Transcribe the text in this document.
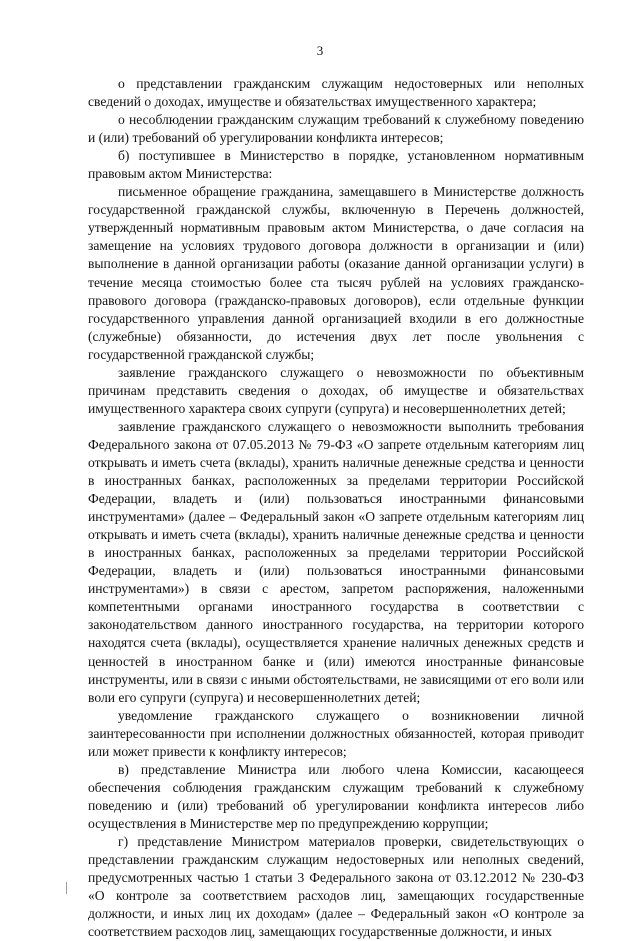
3

о представлении гражданским служащим недостоверных или неполных сведений о доходах, имуществе и обязательствах имущественного характера;

о несоблюдении гражданским служащим требований к служебному поведению и (или) требований об урегулировании конфликта интересов;

б) поступившее в Министерство в порядке, установленном нормативным правовым актом Министерства:

письменное обращение гражданина, замещавшего в Министерстве должность государственной гражданской службы, включенную в Перечень должностей, утвержденный нормативным правовым актом Министерства, о даче согласия на замещение на условиях трудового договора должности в организации и (или) выполнение в данной организации работы (оказание данной организации услуги) в течение месяца стоимостью более ста тысяч рублей на условиях гражданско-правового договора (гражданско-правовых договоров), если отдельные функции государственного управления данной организацией входили в его должностные (служебные) обязанности, до истечения двух лет после увольнения с государственной гражданской службы;

заявление гражданского служащего о невозможности по объективным причинам представить сведения о доходах, об имуществе и обязательствах имущественного характера своих супруги (супруга) и несовершеннолетних детей;

заявление гражданского служащего о невозможности выполнить требования Федерального закона от 07.05.2013 № 79-ФЗ «О запрете отдельным категориям лиц открывать и иметь счета (вклады), хранить наличные денежные средства и ценности в иностранных банках, расположенных за пределами территории Российской Федерации, владеть и (или) пользоваться иностранными финансовыми инструментами» (далее – Федеральный закон «О запрете отдельным категориям лиц открывать и иметь счета (вклады), хранить наличные денежные средства и ценности в иностранных банках, расположенных за пределами территории Российской Федерации, владеть и (или) пользоваться иностранными финансовыми инструментами») в связи с арестом, запретом распоряжения, наложенными компетентными органами иностранного государства в соответствии с законодательством данного иностранного государства, на территории которого находятся счета (вклады), осуществляется хранение наличных денежных средств и ценностей в иностранном банке и (или) имеются иностранные финансовые инструменты, или в связи с иными обстоятельствами, не зависящими от его воли или воли его супруги (супруга) и несовершеннолетних детей;

уведомление гражданского служащего о возникновении личной заинтересованности при исполнении должностных обязанностей, которая приводит или может привести к конфликту интересов;

в) представление Министра или любого члена Комиссии, касающееся обеспечения соблюдения гражданским служащим требований к служебному поведению и (или) требований об урегулировании конфликта интересов либо осуществления в Министерстве мер по предупреждению коррупции;

г) представление Министром материалов проверки, свидетельствующих о представлении гражданским служащим недостоверных или неполных сведений, предусмотренных частью 1 статьи 3 Федерального закона от 03.12.2012 № 230-ФЗ «О контроле за соответствием расходов лиц, замещающих государственные должности, и иных лиц их доходам» (далее – Федеральный закон «О контроле за соответствием расходов лиц, замещающих государственные должности, и иных
